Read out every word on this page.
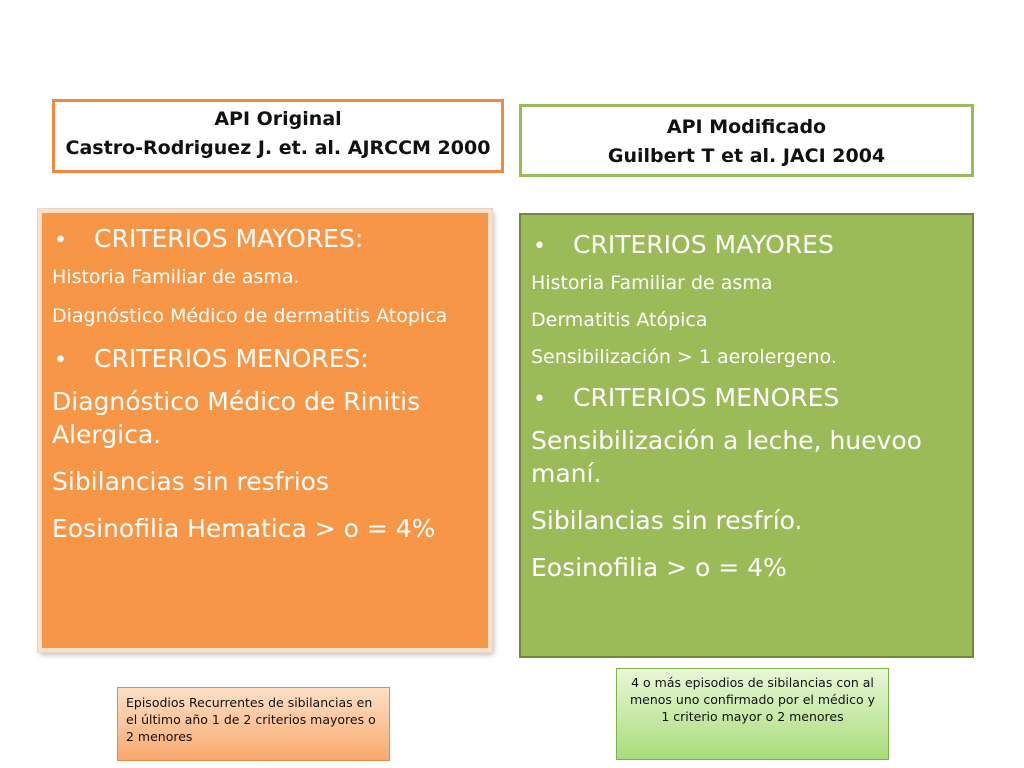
API Original
Castro-Rodriguez J. et. al. AJRCCM 2000
API Modificado
Guilbert T et al. JACI 2004
•	CRITERIOS MAYORES:
Historia Familiar de asma.
Diagnóstico Médico de dermatitis Atopica
•	CRITERIOS MENORES:
Diagnóstico Médico de Rinitis Alergica.
Sibilancias sin resfrios
Eosinofilia Hematica > o = 4%
•	CRITERIOS MAYORES
Historia Familiar de asma
Dermatitis Atópica
Sensibilización > 1 aerolergeno.
•	CRITERIOS MENORES
Sensibilización a leche, huevoo maní.
Sibilancias sin resfrío.
Eosinofilia > o = 4%
Episodios Recurrentes de sibilancias en el último año 1 de 2 criterios mayores o 2 menores
4 o más episodios de sibilancias con al menos uno confirmado por el médico y 1 criterio mayor o 2 menores
